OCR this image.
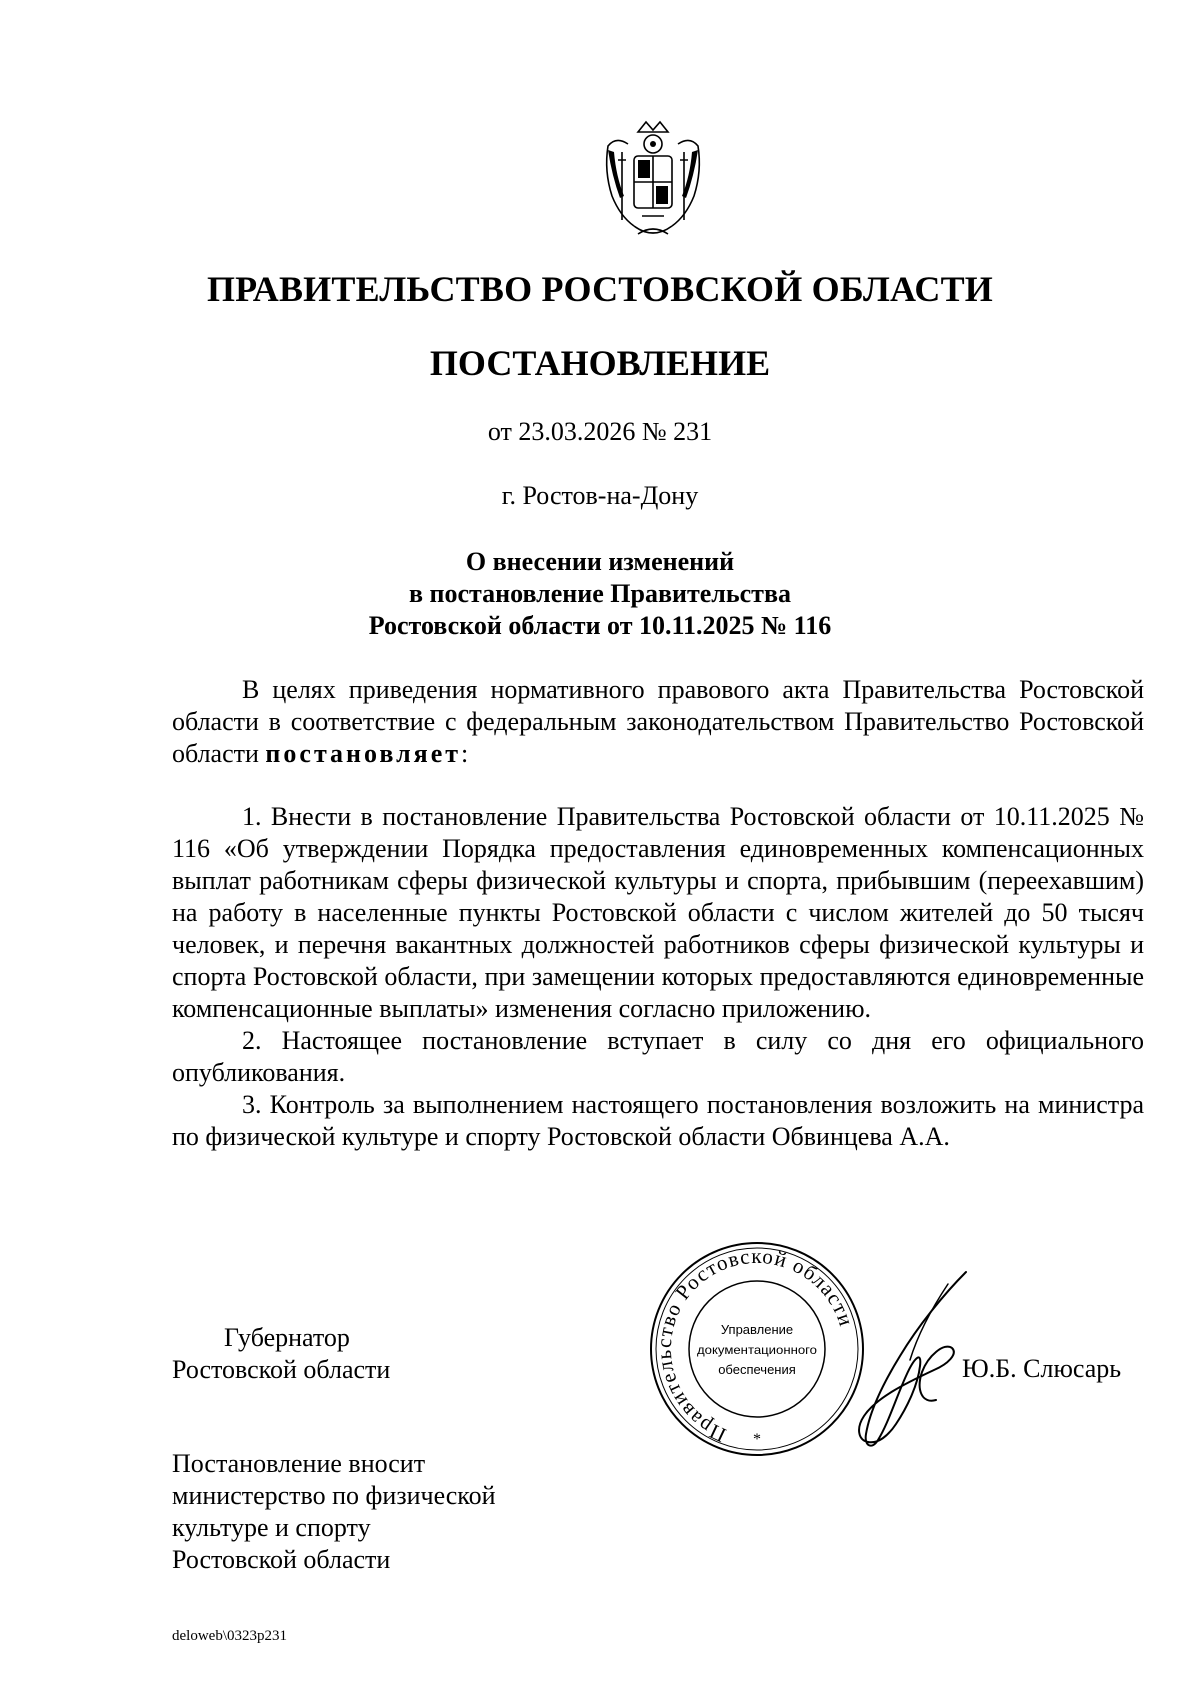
ПРАВИТЕЛЬСТВО РОСТОВСКОЙ ОБЛАСТИ
ПОСТАНОВЛЕНИЕ
от 23.03.2026 № 231
г. Ростов-на-Дону
О внесении изменений
в постановление Правительства
Ростовской области от 10.11.2025 № 116

В целях приведения нормативного правового акта Правительства Ростовской области в соответствие с федеральным законодательством Правительство Ростовской области постановляет:

1. Внести в постановление Правительства Ростовской области от 10.11.2025 № 116 «Об утверждении Порядка предоставления единовременных компенсационных выплат работникам сферы физической культуры и спорта, прибывшим (переехавшим) на работу в населенные пункты Ростовской области с числом жителей до 50 тысяч человек, и перечня вакантных должностей работников сферы физической культуры и спорта Ростовской области, при замещении которых предоставляются единовременные компенсационные выплаты» изменения согласно приложению.

2. Настоящее постановление вступает в силу со дня его официального опубликования.

3. Контроль за выполнением настоящего постановления возложить на министра по физической культуре и спорту Ростовской области Обвинцева А.А.

Губернатор
Ростовской области
Правительство Ростовской области
Управление
документационного
обеспечения
*
Ю.Б. Слюсарь
Постановление вносит
министерство по физической
культуре и спорту
Ростовской области
deloweb\0323p231
